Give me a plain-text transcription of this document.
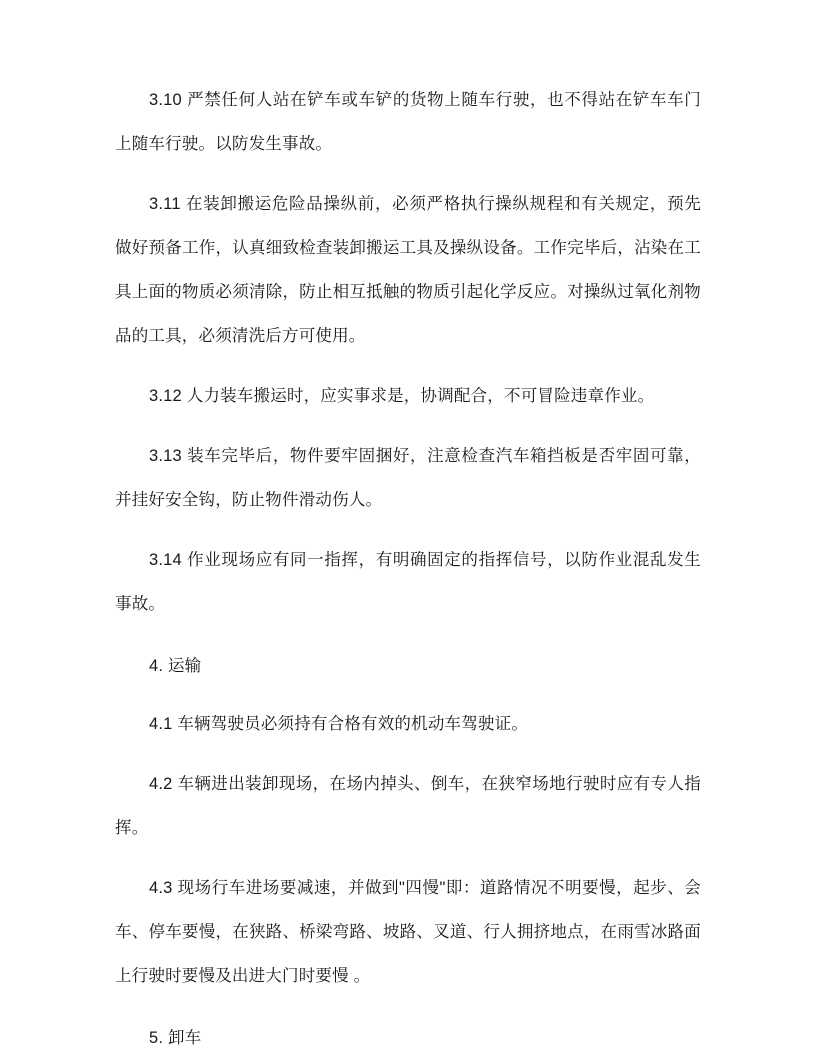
3.10 严禁任何人站在铲车或车铲的货物上随车行驶，也不得站在铲车车门上随车行驶。以防发生事故。

3.11 在装卸搬运危险品操纵前，必须严格执行操纵规程和有关规定，预先做好预备工作，认真细致检查装卸搬运工具及操纵设备。工作完毕后，沾染在工具上面的物质必须清除，防止相互抵触的物质引起化学反应。对操纵过氧化剂物品的工具，必须清洗后方可使用。

3.12 人力装车搬运时，应实事求是，协调配合，不可冒险违章作业。

3.13 装车完毕后，物件要牢固捆好，注意检查汽车箱挡板是否牢固可靠，并挂好安全钩，防止物件滑动伤人。

3.14 作业现场应有同一指挥，有明确固定的指挥信号，以防作业混乱发生事故。

4. 运输

4.1 车辆驾驶员必须持有合格有效的机动车驾驶证。

4.2 车辆进出装卸现场，在场内掉头、倒车，在狭窄场地行驶时应有专人指挥。

4.3 现场行车进场要减速，并做到"四慢"即：道路情况不明要慢，起步、会车、停车要慢，在狭路、桥梁弯路、坡路、叉道、行人拥挤地点，在雨雪冰路面上行驶时要慢及出进大门时要慢 。

5. 卸车
